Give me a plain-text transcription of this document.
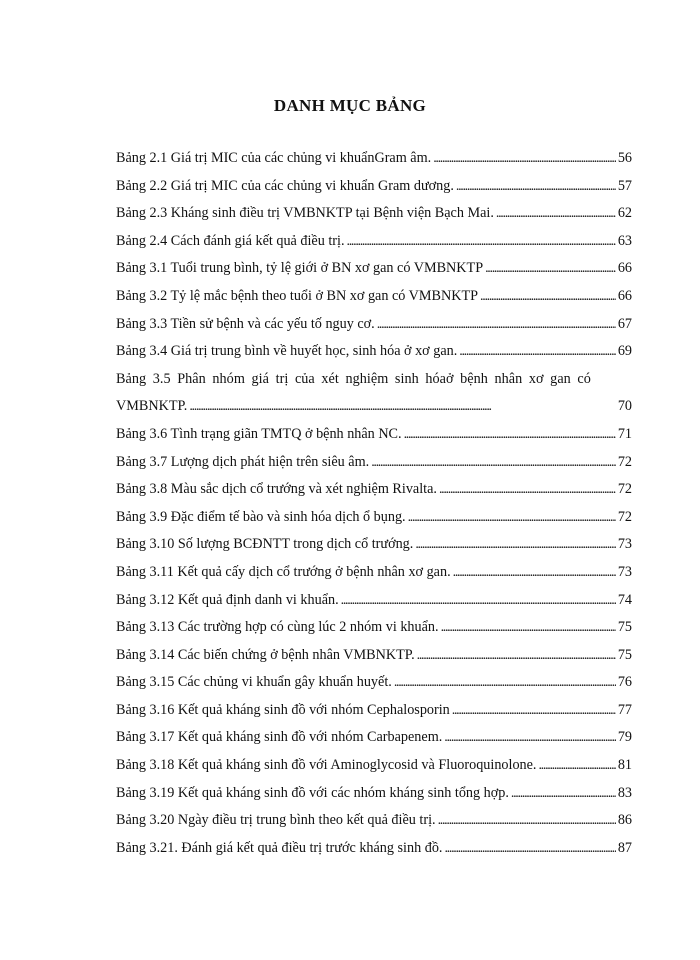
DANH MỤC BẢNG
Bảng 2.1 Giá trị MIC của các chủng vi khuẩnGram âm. . . .	56
Bảng 2.2 Giá trị MIC của các chủng vi khuẩn Gram dương. . . .	57
Bảng 2.3 Kháng sinh điều trị VMBNKTP tại Bệnh viện Bạch Mai. . . .	62
Bảng 2.4 Cách đánh giá kết quả điều trị. . . .	63
Bảng 3.1 Tuổi trung bình, tỷ lệ giới ở BN xơ gan có VMBNKTP . . .	66
Bảng 3.2 Tỷ lệ mắc bệnh theo tuổi ở BN xơ gan có VMBNKTP . . .	66
Bảng 3.3 Tiền sử bệnh và các yếu tố nguy cơ. . . .	67
Bảng 3.4 Giá trị trung bình về huyết học, sinh hóa ở xơ gan. . . .	69
Bảng 3.5 Phân nhóm giá trị của xét nghiệm sinh hóaở bệnh nhân xơ gan có
VMBNKTP. . . .	70
Bảng 3.6 Tình trạng giãn TMTQ ở bệnh nhân NC. . . .	71
Bảng 3.7 Lượng dịch phát hiện trên siêu âm. . . .	72
Bảng 3.8 Màu sắc dịch cổ trướng và xét nghiệm Rivalta. . . .	72
Bảng 3.9 Đặc điểm tế bào và sinh hóa dịch ổ bụng. . . .	72
Bảng 3.10 Số lượng BCĐNTT trong dịch cổ trướng. . . .	73
Bảng 3.11 Kết quả cấy dịch cổ trướng ở bệnh nhân xơ gan. . . .	73
Bảng 3.12 Kết quả định danh vi khuẩn. . . .	74
Bảng 3.13 Các trường hợp có cùng lúc 2 nhóm vi khuẩn. . . .	75
Bảng 3.14 Các biến chứng ở bệnh nhân VMBNKTP. . . .	75
Bảng 3.15 Các chủng vi khuẩn gây khuẩn huyết. . . .	76
Bảng 3.16 Kết quả kháng sinh đồ với nhóm Cephalosporin . . .	77
Bảng 3.17 Kết quả kháng sinh đồ với nhóm Carbapenem. . . .	79
Bảng 3.18 Kết quả kháng sinh đồ với Aminoglycosid và Fluoroquinolone. . . .	81
Bảng 3.19 Kết quả kháng sinh đồ với các nhóm kháng sinh tổng hợp. . . .	83
Bảng 3.20 Ngày điều trị trung bình theo kết quả điều trị. . . .	86
Bảng 3.21. Đánh giá kết quả điều trị trước kháng sinh đồ. . . .	87
